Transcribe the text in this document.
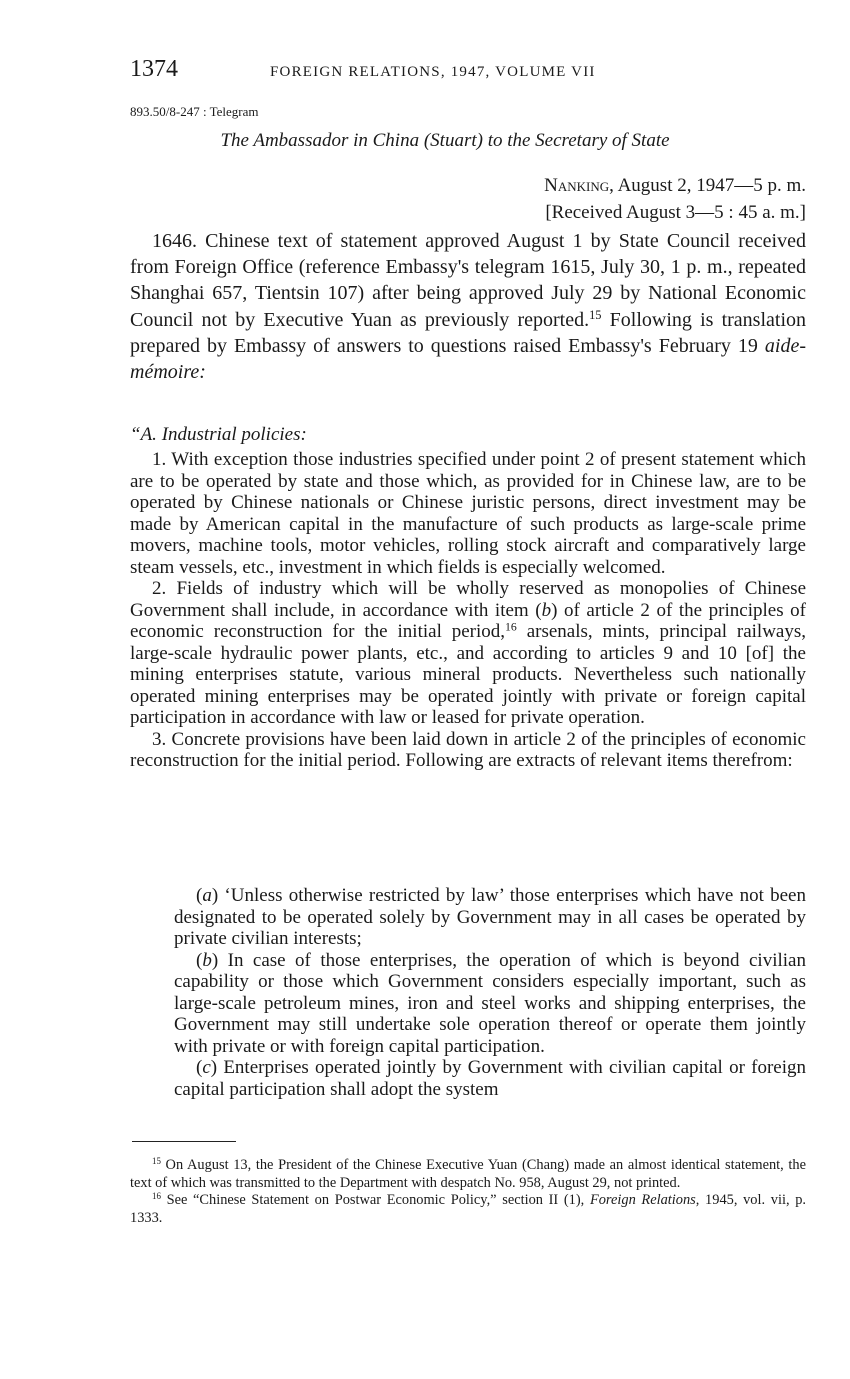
1374	FOREIGN RELATIONS, 1947, VOLUME VII
893.50/8-247 : Telegram
The Ambassador in China (Stuart) to the Secretary of State
Nanking, August 2, 1947—5 p. m.
[Received August 3—5 : 45 a. m.]

1646. Chinese text of statement approved August 1 by State Council received from Foreign Office (reference Embassy's telegram 1615, July 30, 1 p. m., repeated Shanghai 657, Tientsin 107) after being approved July 29 by National Economic Council not by Executive Yuan as previously reported.$^{15}$ Following is translation prepared by Embassy of answers to questions raised Embassy's February 19 aide-mémoire:

“A. Industrial policies:

1. With exception those industries specified under point 2 of present statement which are to be operated by state and those which, as provided for in Chinese law, are to be operated by Chinese nationals or Chinese juristic persons, direct investment may be made by American capital in the manufacture of such products as large-scale prime movers, machine tools, motor vehicles, rolling stock aircraft and comparatively large steam vessels, etc., investment in which fields is especially welcomed.

2. Fields of industry which will be wholly reserved as monopolies of Chinese Government shall include, in accordance with item (b) of article 2 of the principles of economic reconstruction for the initial period,$^{16}$ arsenals, mints, principal railways, large-scale hydraulic power plants, etc., and according to articles 9 and 10 [of] the mining enterprises statute, various mineral products. Nevertheless such nationally operated mining enterprises may be operated jointly with private or foreign capital participation in accordance with law or leased for private operation.

3. Concrete provisions have been laid down in article 2 of the principles of economic reconstruction for the initial period. Following are extracts of relevant items therefrom:

(a) ‘Unless otherwise restricted by law’ those enterprises which have not been designated to be operated solely by Government may in all cases be operated by private civilian interests;

(b) In case of those enterprises, the operation of which is beyond civilian capability or those which Government considers especially important, such as large-scale petroleum mines, iron and steel works and shipping enterprises, the Government may still undertake sole operation thereof or operate them jointly with private or with foreign capital participation.

(c) Enterprises operated jointly by Government with civilian capital or foreign capital participation shall adopt the system

$^{15}$ On August 13, the President of the Chinese Executive Yuan (Chang) made an almost identical statement, the text of which was transmitted to the Department with despatch No. 958, August 29, not printed.

$^{16}$ See “Chinese Statement on Postwar Economic Policy,” section II (1), Foreign Relations, 1945, vol. vii, p. 1333.
